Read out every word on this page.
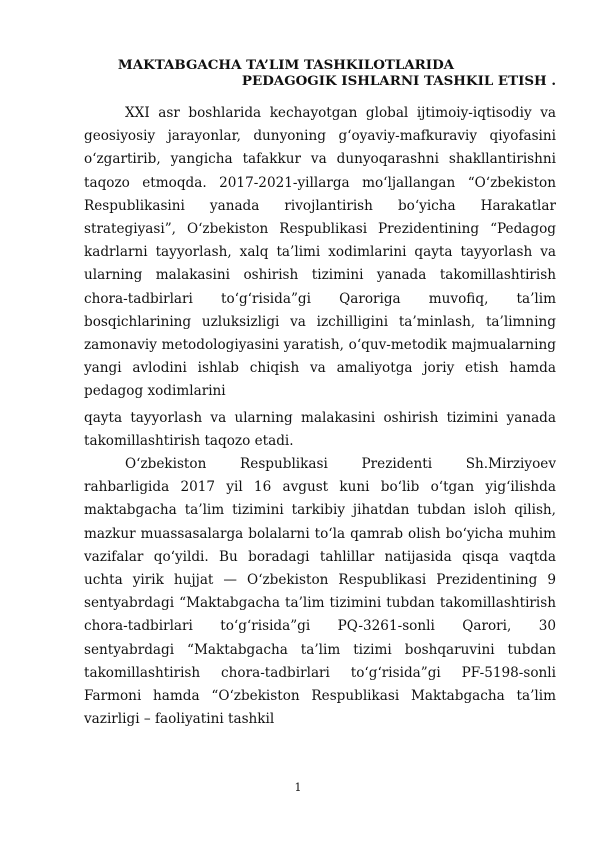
MAKTABGACHA TA’LIM TASHKILOTLARIDA
PEDAGOGIK ISHLARNI TASHKIL ETISH .

XXI asr boshlarida kechayotgan global ijtimoiy-iqtisodiy va geosiyosiy jarayonlar, dunyoning g‘oyaviy-mafkuraviy qiyofasini o‘zgartirib, yangicha tafakkur va dunyoqarashni shakllantirishni taqozo etmoqda. 2017-2021-yillarga mo‘ljallangan “O‘zbekiston Respublikasini yanada rivojlantirish bo‘yicha Harakatlar strategiyasi”, O‘zbekiston Respublikasi Prezidentining “Pedagog kadrlarni tayyorlash, xalq ta’limi xodimlarini qayta tayyorlash va ularning malakasini oshirish tizimini yanada takomillashtirish chora-tadbirlari to‘g‘risida”gi Qaroriga muvofiq, ta’lim bosqichlarining uzluksizligi va izchilligini ta’minlash, ta’limning zamonaviy metodologiyasini yaratish, o‘quv-metodik majmualarning yangi avlodini ishlab chiqish va amaliyotga joriy etish hamda pedagog xodimlarini

qayta tayyorlash va ularning malakasini oshirish tizimini yanada takomillashtirish taqozo etadi.

O‘zbekiston Respublikasi Prezidenti Sh.Mirziyoev rahbarligida 2017 yil 16 avgust kuni bo‘lib o‘tgan yig‘ilishda maktabgacha ta’lim tizimini tarkibiy jihatdan tubdan isloh qilish, mazkur muassasalarga bolalarni to‘la qamrab olish bo‘yicha muhim vazifalar qo‘yildi. Bu boradagi tahlillar natijasida qisqa vaqtda uchta yirik hujjat — O‘zbekiston Respublikasi Prezidentining 9 sentyabrdagi “Maktabgacha ta’lim tizimini tubdan takomillashtirish chora-tadbirlari to‘g‘risida”gi PQ-3261-sonli Qarori, 30 sentyabrdagi “Maktabgacha ta’lim tizimi boshqaruvini tubdan takomillashtirish chora-tadbirlari to‘g‘risida”gi PF-5198-sonli Farmoni hamda “O‘zbekiston Respublikasi Maktabgacha ta’lim vazirligi – faoliyatini tashkil

1
